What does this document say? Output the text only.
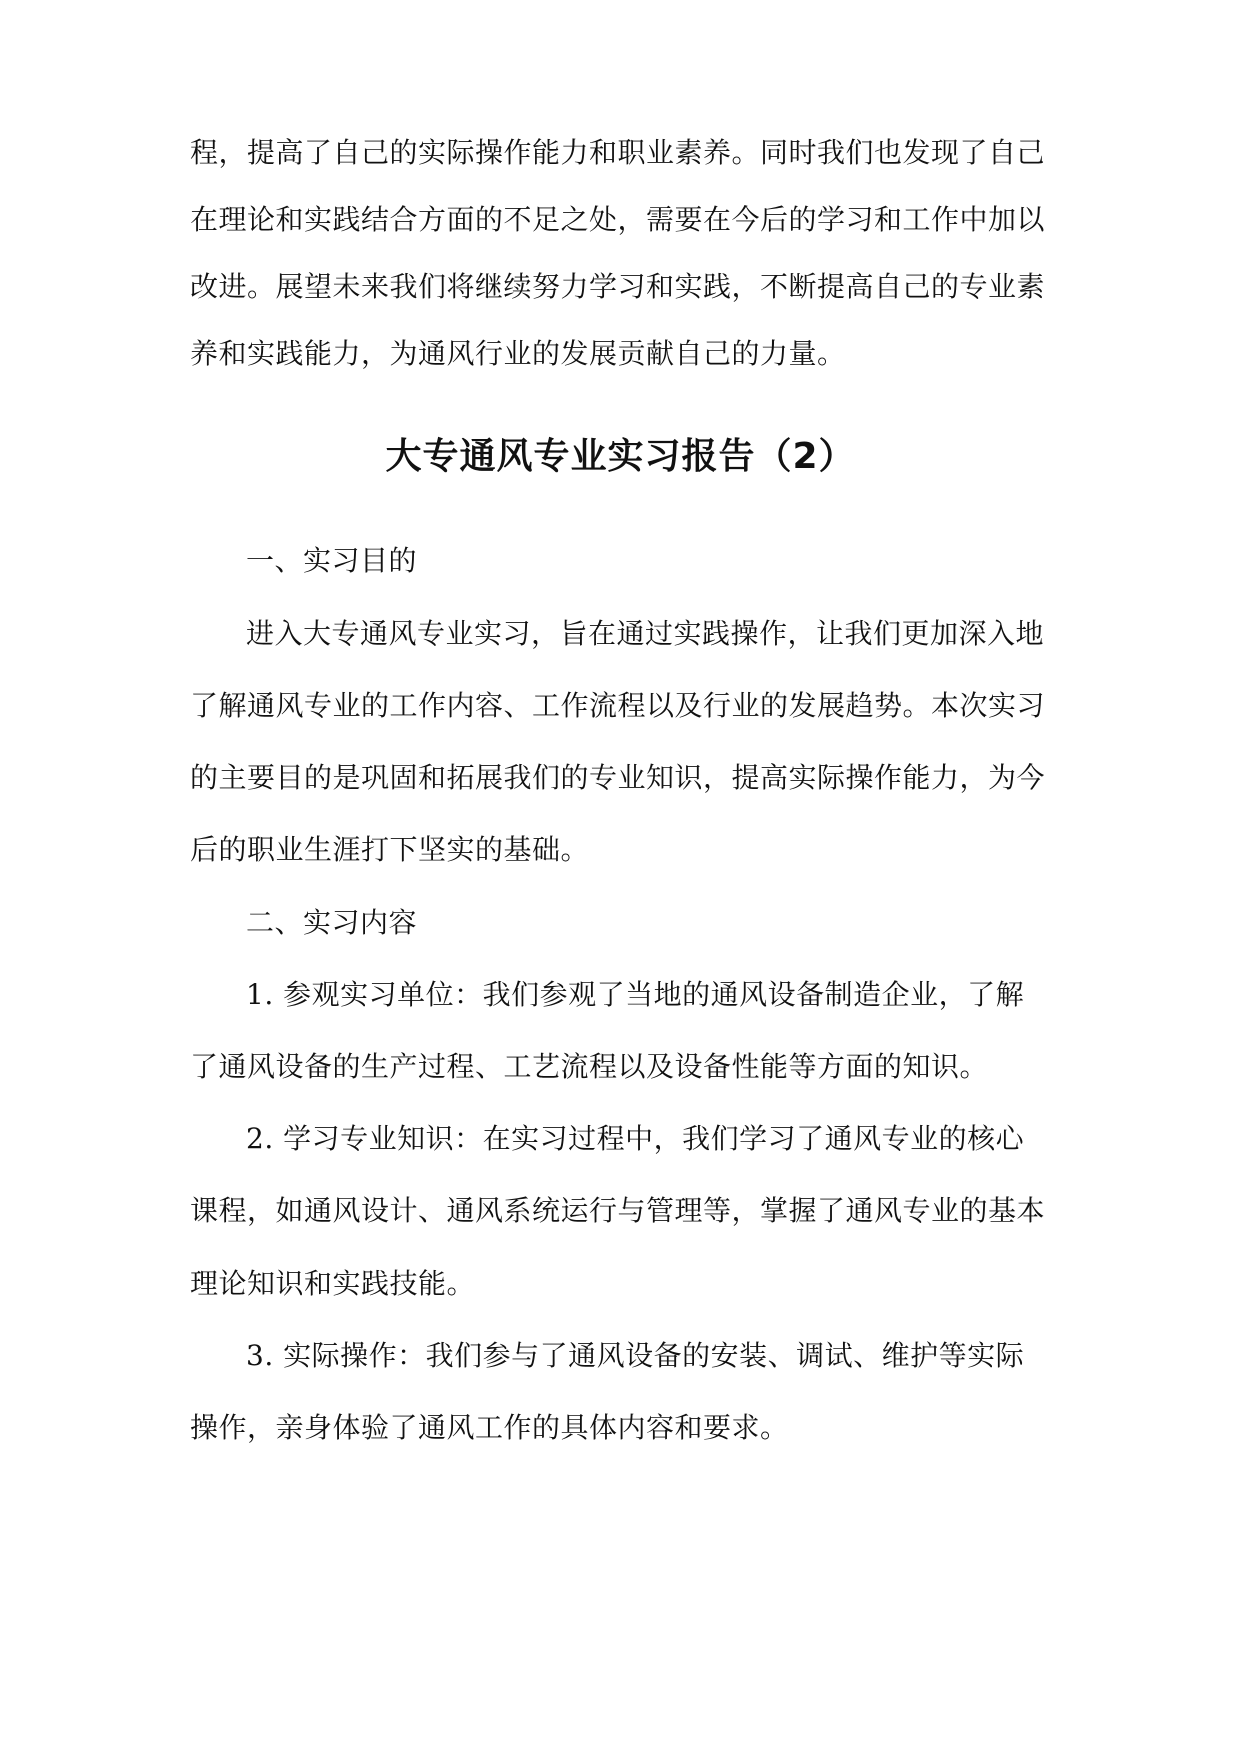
程，提高了自己的实际操作能力和职业素养。同时我们也发现了自己
在理论和实践结合方面的不足之处，需要在今后的学习和工作中加以
改进。展望未来我们将继续努力学习和实践，不断提高自己的专业素
养和实践能力，为通风行业的发展贡献自己的力量。
大专通风专业实习报告（2）
一、实习目的
进入大专通风专业实习，旨在通过实践操作，让我们更加深入地
了解通风专业的工作内容、工作流程以及行业的发展趋势。本次实习
的主要目的是巩固和拓展我们的专业知识，提高实际操作能力，为今
后的职业生涯打下坚实的基础。
二、实习内容
1. 参观实习单位：我们参观了当地的通风设备制造企业，了解
了通风设备的生产过程、工艺流程以及设备性能等方面的知识。
2. 学习专业知识：在实习过程中，我们学习了通风专业的核心
课程，如通风设计、通风系统运行与管理等，掌握了通风专业的基本
理论知识和实践技能。
3. 实际操作：我们参与了通风设备的安装、调试、维护等实际
操作，亲身体验了通风工作的具体内容和要求。
